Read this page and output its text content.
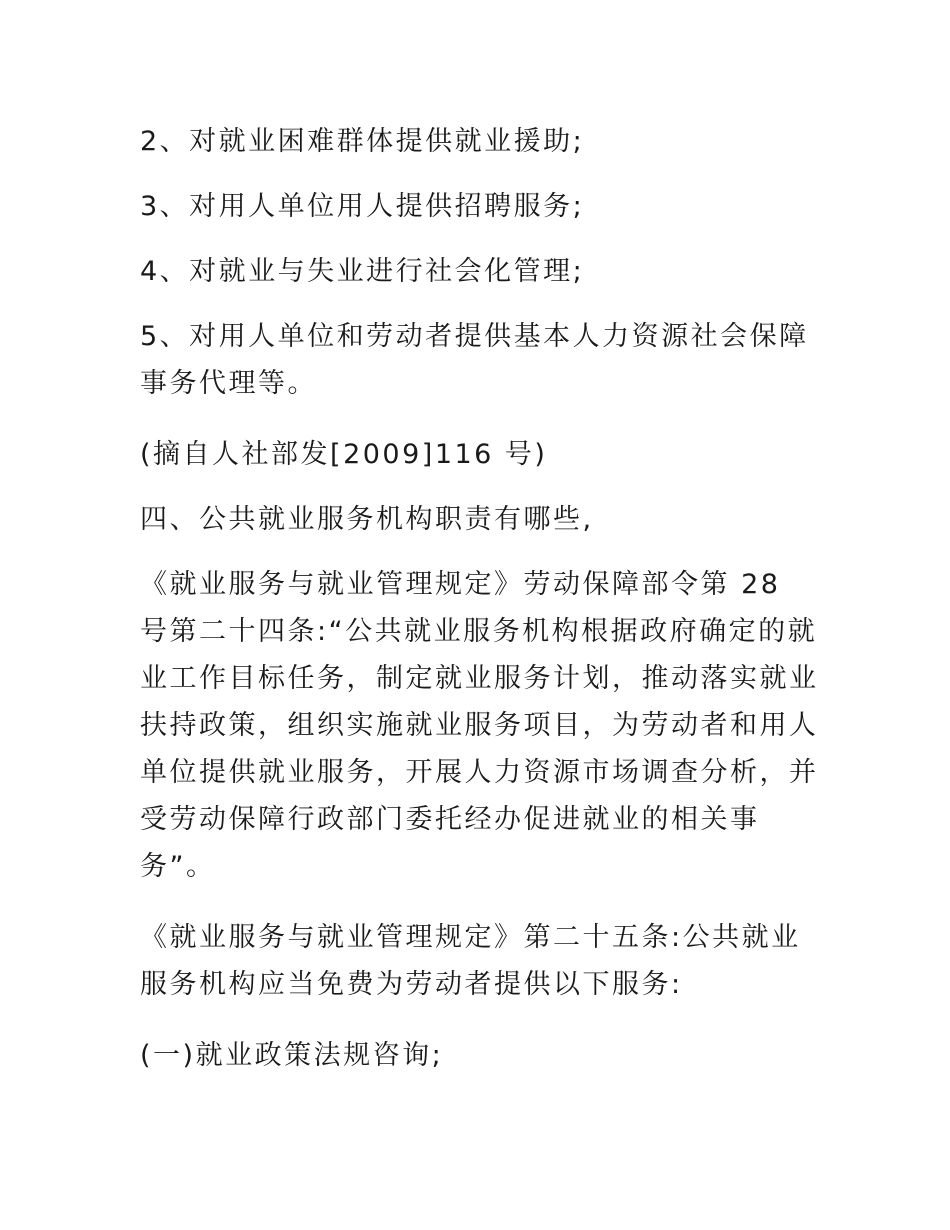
2、对就业困难群体提供就业援助;

3、对用人单位用人提供招聘服务;

4、对就业与失业进行社会化管理;

5、对用人单位和劳动者提供基本人力资源社会保障事务代理等。

(摘自人社部发[2009]116 号)

四、公共就业服务机构职责有哪些,

《就业服务与就业管理规定》劳动保障部令第 28 号第二十四条:“公共就业服务机构根据政府确定的就业工作目标任务，制定就业服务计划，推动落实就业扶持政策，组织实施就业服务项目，为劳动者和用人单位提供就业服务，开展人力资源市场调查分析，并受劳动保障行政部门委托经办促进就业的相关事务”。

《就业服务与就业管理规定》第二十五条:公共就业服务机构应当免费为劳动者提供以下服务:

(一)就业政策法规咨询;
